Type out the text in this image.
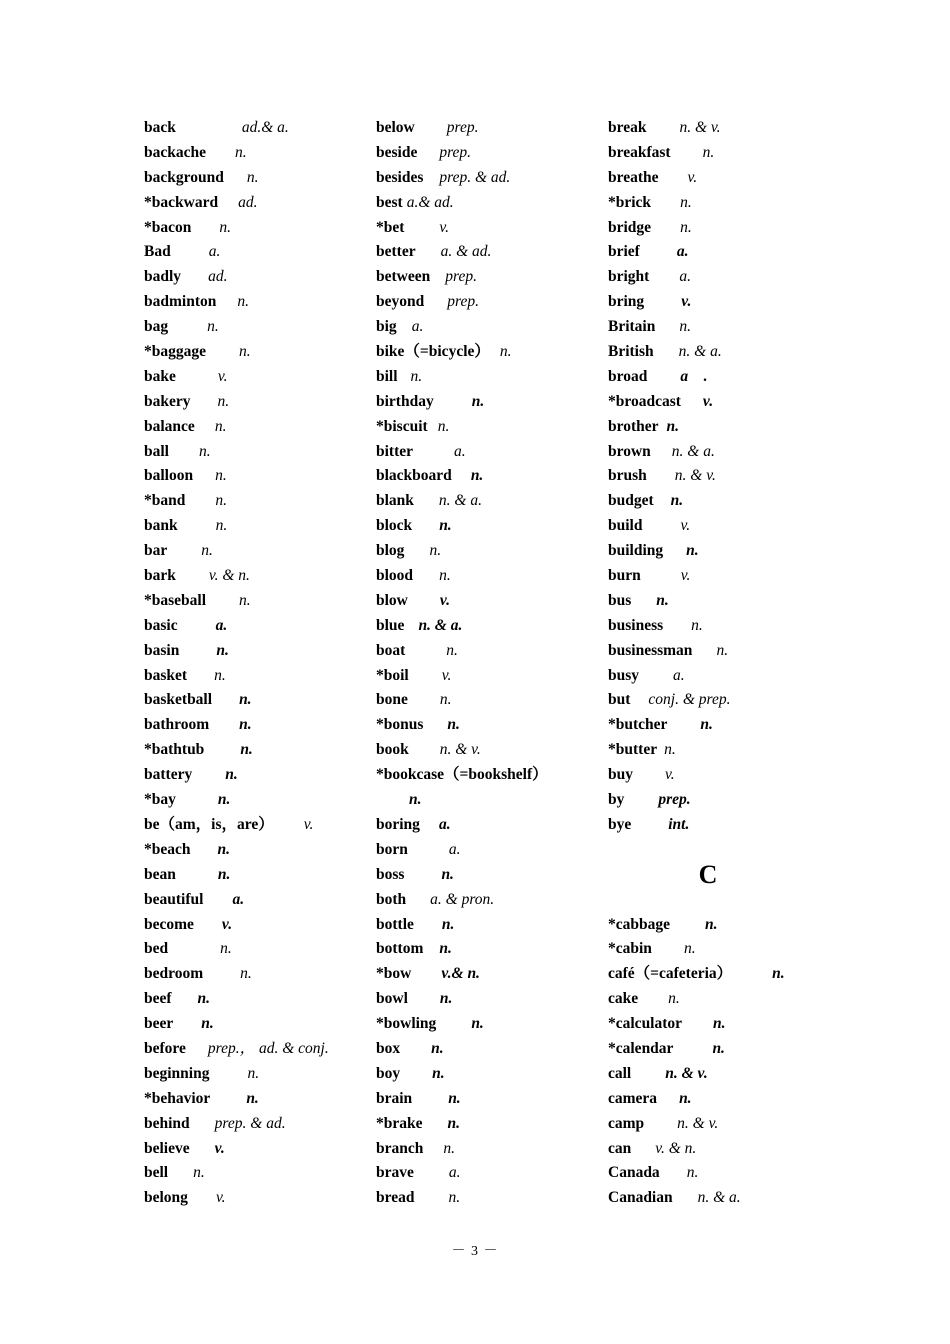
back	ad.& a.
backache n.
background n.
*backward ad.
*bacon n.
Bad a.
badly ad.
badminton n.
bag	n.
*baggage n.
bake	v.
bakery n.
balance n.
ball n.
balloon n.
*band n.
bank n.
bar n.
bark v. & n.
*baseball n.
basic a.
basin n.
basket n.
basketball n.
bathroom n.
*bathtub n.
battery n.
*bay	n.
be（am，is，are） v.
*beach n.
bean	n.
beautiful a.
become v.
bed	n.
bedroom n.
beef n.
beer n.
before prep.， ad. & conj.
beginning n.
*behavior n.
behind prep. & ad.
believe v.
bell n.
belong v.
below prep.
beside prep.
besides prep. & ad.
best a.& ad.
*bet v.
better a. & ad.
between prep.
beyond prep.
big a.
bike（=bicycle） n.
bill n.
birthday n.
*biscuit n.
bitter	a.
blackboard n.
blank n. & a.
block n.
blog n.
blood n.
blow v.
blue n. & a.
boat	n.
*boil v.
bone n.
*bonus n.
book n. & v.
*bookcase（=bookshelf）
n.
boring a.
born	a.
boss n.
both a. & pron.
bottle n.
bottom n.
*bow v.& n.
bowl n.
*bowling n.
box n.
boy n.
brain n.
*brake n.
branch n.
brave a.
bread n.
break n. & v.
breakfast n.
breathe v.
*brick n.
bridge n.
brief a.
bright a.
bring v.
Britain n.
British n. & a.
broad a　.
*broadcast v.
brother n.
brown n. & a.
brush n. & v.
budget n.
build v.
building n.
burn	v.
bus n.
business n.
businessman n.
busy a.
but conj. & prep.
*butcher n.
*butter n.
buy v.
by prep.
bye int.
C
*cabbage n.
*cabin n.
café（=cafeteria）	n.
cake n.
*calculator n.
*calendar	n.
call n. & v.
camera n.
camp n. & v.
can v. & n.
Canada n.
Canadian n. & a.
－ 3 －
